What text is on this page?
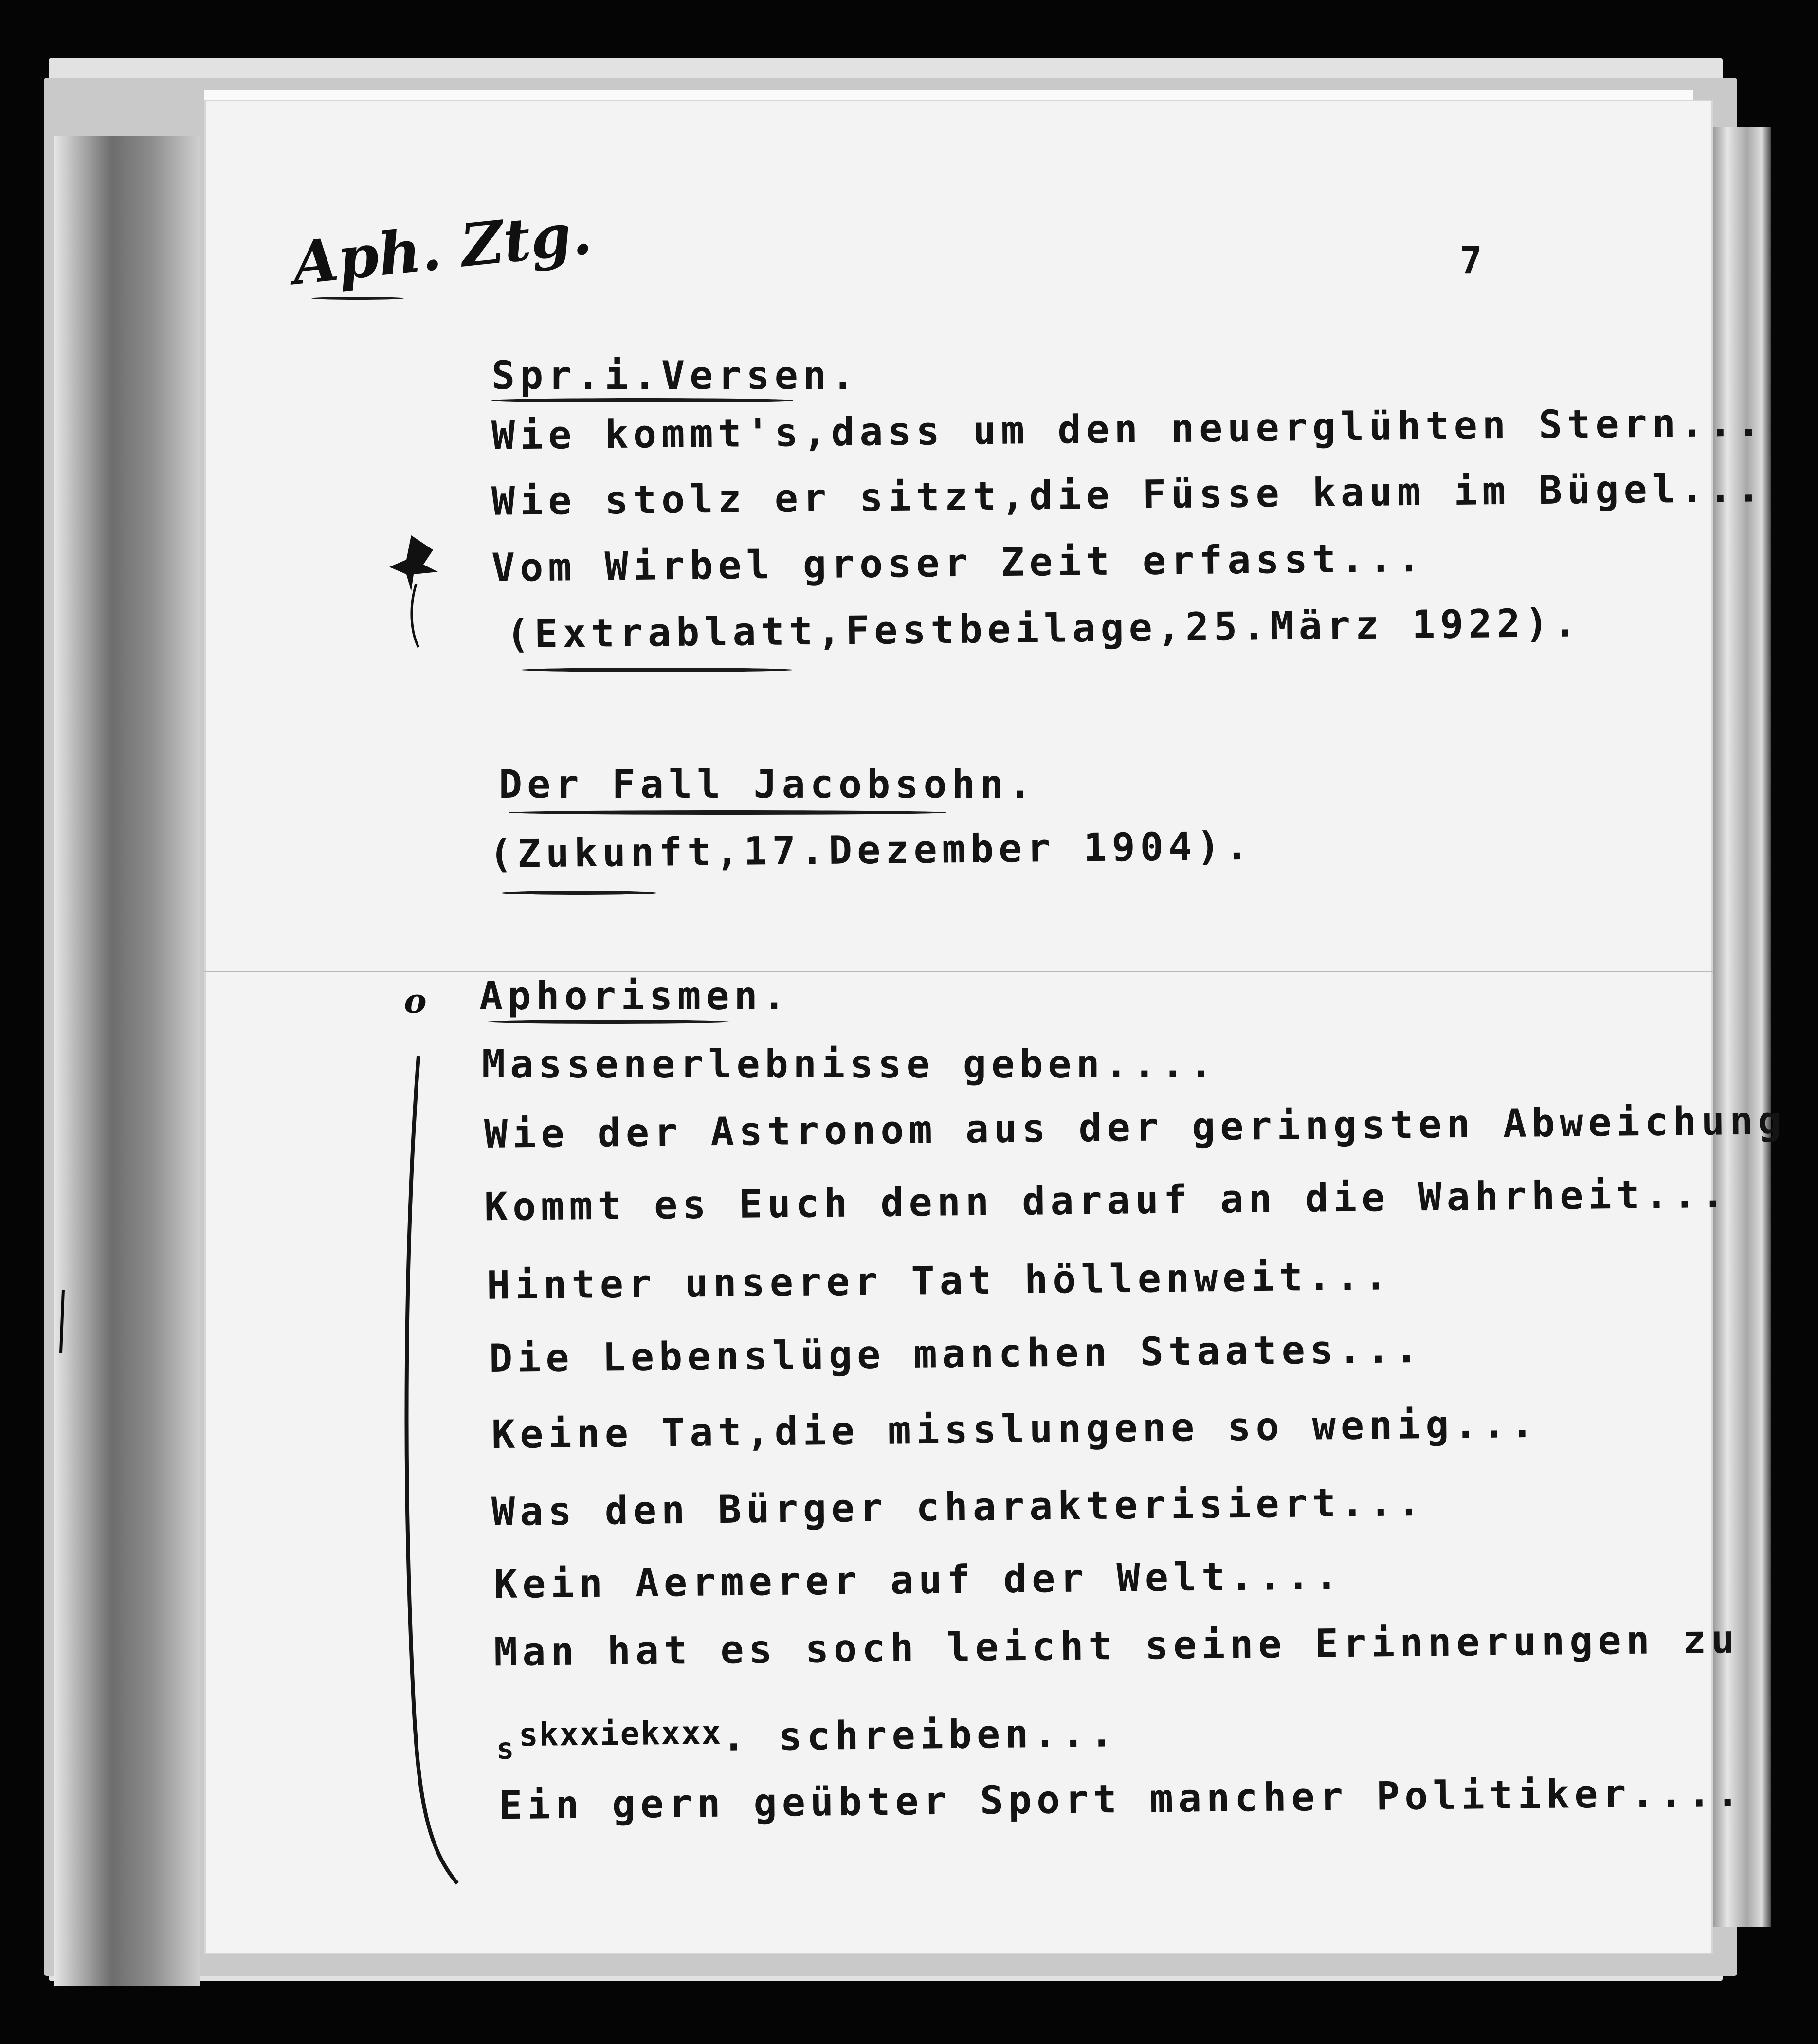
Aph. Ztg.	7
Spr.i.Versen.
Wie kommt's,dass um den neuerglühten Stern...
Wie stolz er sitzt,die Füsse kaum im Bügel...
Vom Wirbel groser Zeit erfasst...
(Extrablatt,Festbeilage,25.März 1922).
Der Fall Jacobsohn.
(Zukunft,17.Dezember 1904).
o Aphorismen.
Massenerlebnisse geben....
Wie der Astronom aus der geringsten Abweichung
Kommt es Euch denn darauf an die Wahrheit...
Hinter unserer Tat höllenweit...
Die Lebenslüge manchen Staates...
Keine Tat,die misslungene so wenig...
Was den Bürger charakterisiert...
Kein Aermerer auf der Welt....
Man hat es soch leicht seine Erinnerungen zu
sskxxiekxxx. schreiben...
Ein gern geübter Sport mancher Politiker....
